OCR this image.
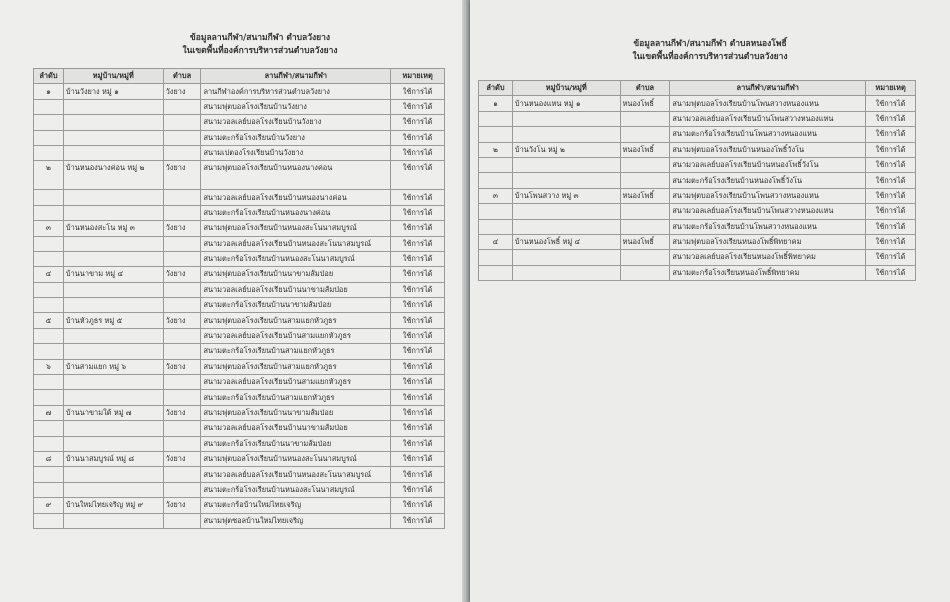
ข้อมูลลานกีฬา/สนามกีฬา ตำบลวังยาง
ในเขตพื้นที่องค์การบริหารส่วนตำบลวังยาง
ลำดับ	หมู่บ้าน/หมู่ที่	ตำบล	ลานกีฬา/สนามกีฬา	หมายเหตุ
๑	บ้านวังยาง หมู่ ๑	วังยาง	ลานกีฬาองค์การบริหารส่วนตำบลวังยาง	ใช้การได้
			สนามฟุตบอลโรงเรียนบ้านวังยาง	ใช้การได้
			สนามวอลเลย์บอลโรงเรียนบ้านวังยาง	ใช้การได้
			สนามตะกร้อโรงเรียนบ้านวังยาง	ใช้การได้
			สนามเปตองโรงเรียนบ้านวังยาง	ใช้การได้
๒	บ้านหนองนางค่อน หมู่ ๒	วังยาง	สนามฟุตบอลโรงเรียนบ้านหนองนางค่อน	ใช้การได้
			สนามวอลเลย์บอลโรงเรียนบ้านหนองนางค่อน	ใช้การได้
			สนามตะกร้อโรงเรียนบ้านหนองนางค่อน	ใช้การได้
๓	บ้านหนองสะโน หมู่ ๓	วังยาง	สนามฟุตบอลโรงเรียนบ้านหนองสะโนนาสมบูรณ์	ใช้การได้
			สนามวอลเลย์บอลโรงเรียนบ้านหนองสะโนนาสมบูรณ์	ใช้การได้
			สนามตะกร้อโรงเรียนบ้านหนองสะโนนาสมบูรณ์	ใช้การได้
๔	บ้านนาขาม หมู่ ๔	วังยาง	สนามฟุตบอลโรงเรียนบ้านนาขามส้มป่อย	ใช้การได้
			สนามวอลเลย์บอลโรงเรียนบ้านนาขามส้มป่อย	ใช้การได้
			สนามตะกร้อโรงเรียนบ้านนาขามส้มป่อย	ใช้การได้
๕	บ้านหัวภูธร หมู่ ๕	วังยาง	สนามฟุตบอลโรงเรียนบ้านสามแยกหัวภูธร	ใช้การได้
			สนามวอลเลย์บอลโรงเรียนบ้านสามแยกหัวภูธร	ใช้การได้
			สนามตะกร้อโรงเรียนบ้านสามแยกหัวภูธร	ใช้การได้
๖	บ้านสามแยก หมู่ ๖	วังยาง	สนามฟุตบอลโรงเรียนบ้านสามแยกหัวภูธร	ใช้การได้
			สนามวอลเลย์บอลโรงเรียนบ้านสามแยกหัวภูธร	ใช้การได้
			สนามตะกร้อโรงเรียนบ้านสามแยกหัวภูธร	ใช้การได้
๗	บ้านนาขามใต้ หมู่ ๗	วังยาง	สนามฟุตบอลโรงเรียนบ้านนาขามส้มป่อย	ใช้การได้
			สนามวอลเลย์บอลโรงเรียนบ้านนาขามส้มป่อย	ใช้การได้
			สนามตะกร้อโรงเรียนบ้านนาขามส้มป่อย	ใช้การได้
๘	บ้านนาสมบูรณ์ หมู่ ๘	วังยาง	สนามฟุตบอลโรงเรียนบ้านหนองสะโนนาสมบูรณ์	ใช้การได้
			สนามวอลเลย์บอลโรงเรียนบ้านหนองสะโนนาสมบูรณ์	ใช้การได้
			สนามตะกร้อโรงเรียนบ้านหนองสะโนนาสมบูรณ์	ใช้การได้
๙	บ้านใหม่ไทยเจริญ หมู่ ๙	วังยาง	สนามตะกร้อบ้านใหม่ไทยเจริญ	ใช้การได้
			สนามฟุตซอลบ้านใหม่ไทยเจริญ	ใช้การได้
ข้อมูลลานกีฬา/สนามกีฬา ตำบลหนองโพธิ์
ในเขตพื้นที่องค์การบริหารส่วนตำบลวังยาง
ลำดับ	หมู่บ้าน/หมู่ที่	ตำบล	ลานกีฬา/สนามกีฬา	หมายเหตุ
๑	บ้านหนองแหน หมู่ ๑	หนองโพธิ์	สนามฟุตบอลโรงเรียนบ้านโพนสวางหนองแหน	ใช้การได้
			สนามวอลเลย์บอลโรงเรียนบ้านโพนสวางหนองแหน	ใช้การได้
			สนามตะกร้อโรงเรียนบ้านโพนสวางหนองแหน	ใช้การได้
๒	บ้านวังโน หมู่ ๒	หนองโพธิ์	สนามฟุตบอลโรงเรียนบ้านหนองโพธิ์วังโน	ใช้การได้
			สนามวอลเลย์บอลโรงเรียนบ้านหนองโพธิ์วังโน	ใช้การได้
			สนามตะกร้อโรงเรียนบ้านหนองโพธิ์วังโน	ใช้การได้
๓	บ้านโพนสวาง หมู่ ๓	หนองโพธิ์	สนามฟุตบอลโรงเรียนบ้านโพนสวางหนองแหน	ใช้การได้
			สนามวอลเลย์บอลโรงเรียนบ้านโพนสวางหนองแหน	ใช้การได้
			สนามตะกร้อโรงเรียนบ้านโพนสวางหนองแหน	ใช้การได้
๔	บ้านหนองโพธิ์ หมู่ ๔	หนองโพธิ์	สนามฟุตบอลโรงเรียนหนองโพธิ์พิทยาคม	ใช้การได้
			สนามวอลเลย์บอลโรงเรียนหนองโพธิ์พิทยาคม	ใช้การได้
			สนามตะกร้อโรงเรียนหนองโพธิ์พิทยาคม	ใช้การได้
